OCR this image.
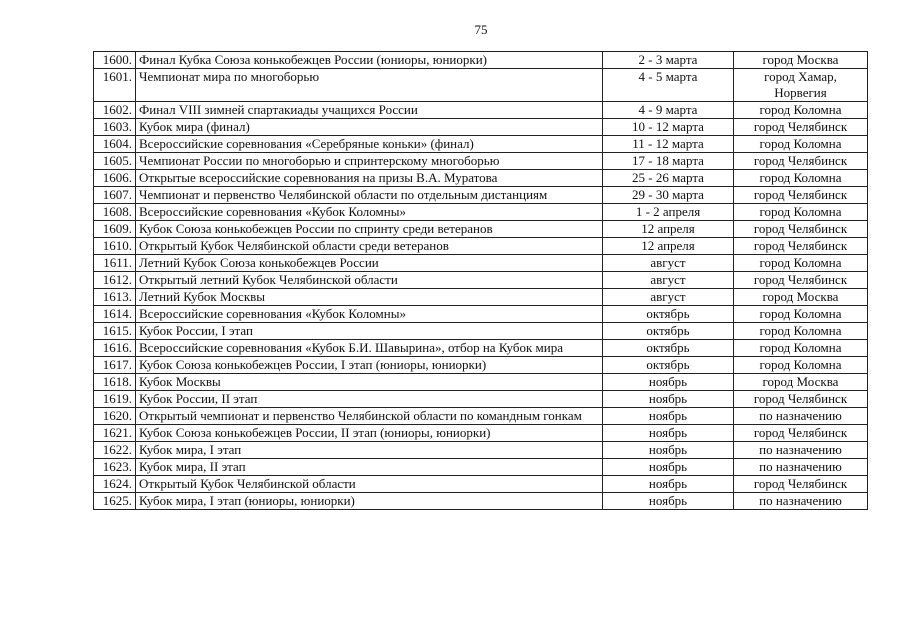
75
1600.	Финал Кубка Союза конькобежцев России (юниоры, юниорки)	2 - 3 марта	город Москва
1601.	Чемпионат мира по многоборью	4 - 5 марта	город Хамар, Норвегия
1602.	Финал VIII зимней спартакиады учащихся России	4 - 9 марта	город Коломна
1603.	Кубок мира (финал)	10 - 12 марта	город Челябинск
1604.	Всероссийские соревнования «Серебряные коньки» (финал)	11 - 12 марта	город Коломна
1605.	Чемпионат России по многоборью и спринтерскому многоборью	17 - 18 марта	город Челябинск
1606.	Открытые всероссийские соревнования на призы В.А. Муратова	25 - 26 марта	город Коломна
1607.	Чемпионат и первенство Челябинской области по отдельным дистанциям	29 - 30 марта	город Челябинск
1608.	Всероссийские соревнования «Кубок Коломны»	1 - 2 апреля	город Коломна
1609.	Кубок Союза конькобежцев России по спринту среди ветеранов	12 апреля	город Челябинск
1610.	Открытый Кубок Челябинской области среди ветеранов	12 апреля	город Челябинск
1611.	Летний Кубок Союза конькобежцев России	август	город Коломна
1612.	Открытый летний Кубок Челябинской области	август	город Челябинск
1613.	Летний Кубок Москвы	август	город Москва
1614.	Всероссийские соревнования «Кубок Коломны»	октябрь	город Коломна
1615.	Кубок России, I этап	октябрь	город Коломна
1616.	Всероссийские соревнования «Кубок Б.И. Шавырина», отбор на Кубок мира	октябрь	город Коломна
1617.	Кубок Союза конькобежцев России, I этап (юниоры, юниорки)	октябрь	город Коломна
1618.	Кубок Москвы	ноябрь	город Москва
1619.	Кубок России, II этап	ноябрь	город Челябинск
1620.	Открытый чемпионат и первенство Челябинской области по командным гонкам	ноябрь	по назначению
1621.	Кубок Союза конькобежцев России, II этап (юниоры, юниорки)	ноябрь	город Челябинск
1622.	Кубок мира, I этап	ноябрь	по назначению
1623.	Кубок мира, II этап	ноябрь	по назначению
1624.	Открытый Кубок Челябинской области	ноябрь	город Челябинск
1625.	Кубок мира, I этап (юниоры, юниорки)	ноябрь	по назначению
